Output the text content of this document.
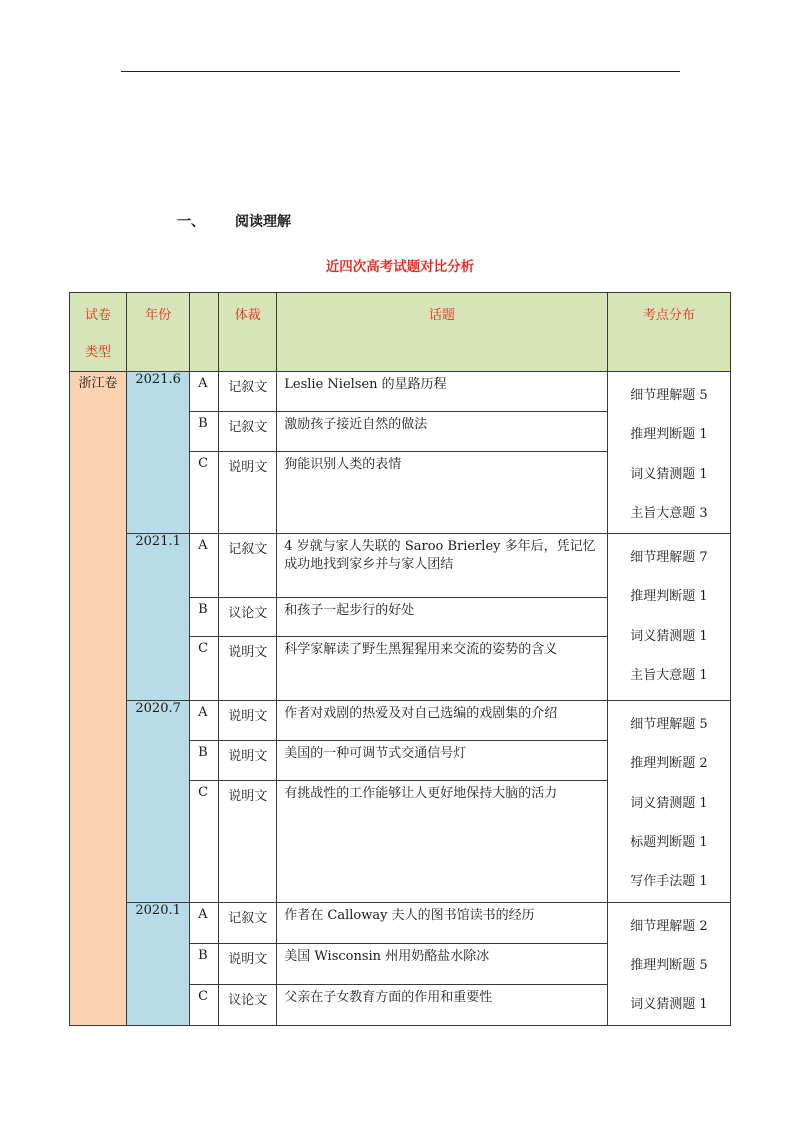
一、 阅读理解
近四次高考试题对比分析
试卷
类型	年份		体裁	话题	考点分布

浙江卷	2021.6	A	记叙文	Leslie Nielsen 的星路历程	细节理解题 5
推理判断题 1
词义猜测题 1
主旨大意题 3

		B	记叙文	激励孩子接近自然的做法	
		C	说明文	狗能识别人类的表情	
	2021.1	A	记叙文	4 岁就与家人失联的 Saroo Brierley 多年后，凭记忆成功地找到家乡并与家人团结	细节理解题 7
推理判断题 1
词义猜测题 1
主旨大意题 1

		B	议论文	和孩子一起步行的好处	
		C	说明文	科学家解读了野生黑猩猩用来交流的姿势的含义	
	2020.7	A	说明文	作者对戏剧的热爱及对自己选编的戏剧集的介绍	细节理解题 5
推理判断题 2
词义猜测题 1
标题判断题 1
写作手法题 1

		B	说明文	美国的一种可调节式交通信号灯	
		C	说明文	有挑战性的工作能够让人更好地保持大脑的活力	
	2020.1	A	记叙文	作者在 Calloway 夫人的图书馆读书的经历	细节理解题 2
推理判断题 5
词义猜测题 1

		B	说明文	美国 Wisconsin 州用奶酪盐水除冰	
		C	议论文	父亲在子女教育方面的作用和重要性	
